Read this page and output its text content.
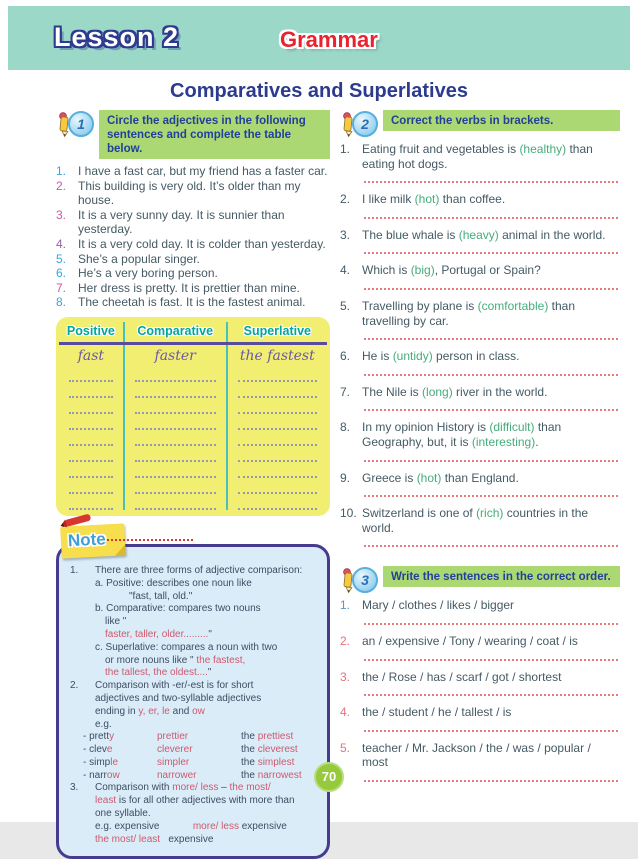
Lesson 2	Grammar
Comparatives and Superlatives
1	Circle the adjectives in the following sentences and complete the table below.
1. I have a fast car, but my friend has a faster car.
2. This building is very old. It’s older than my house.
3. It is a very sunny day. It is sunnier than yesterday.
4. It is a very cold day. It is colder than yesterday.
5. She’s a popular singer.
6. He’s a very boring person.
7. Her dress is pretty. It is prettier than mine.
8. The cheetah is fast. It is the fastest animal.
Positive	Comparative	Superlative
fast	faster	the fastest

Note
1. There are three forms of adjective comparison:
a. Positive: describes one noun like
"fast, tall, old."
b. Comparative: compares two nouns
like "
faster, taller, older........."
c. Superlative: compares a noun with two
or more nouns like " the fastest,
the tallest, the oldest...."
2. Comparison with -er/-est is for short
adjectives and two-syllable adjectives
ending in y, er, le and ow
e.g.
- pretty	prettier	the prettiest
- cleve	cleverer	the cleverest
- simple	simpler	the simplest
- narrow	narrower	the narrowest
3. Comparison with more/ less – the most/
least is for all other adjectives with more than
one syllable.
e.g. expensive	more/ less expensive
the most/ least   expensive
2	Correct the verbs in brackets.
1. Eating fruit and vegetables is (healthy) than eating hot dogs.
2. I like milk (hot) than coffee.
3. The blue whale is (heavy) animal in the world.
4. Which is (big), Portugal or Spain?
5. Travelling by plane is (comfortable) than travelling by car.
6. He is (untidy) person in class.
7. The Nile is (long) river in the world.
8. In my opinion History is (difficult) than Geography, but, it is (interesting).
9. Greece is (hot) than England.
10. Switzerland is one of (rich) countries in the world.
3	Write the sentences in the correct order.
1. Mary / clothes / likes / bigger
2. an / expensive / Tony / wearing / coat / is
3. the / Rose / has / scarf / got / shortest
4. the / student / he / tallest / is
5. teacher / Mr. Jackson / the / was / popular / most
70
